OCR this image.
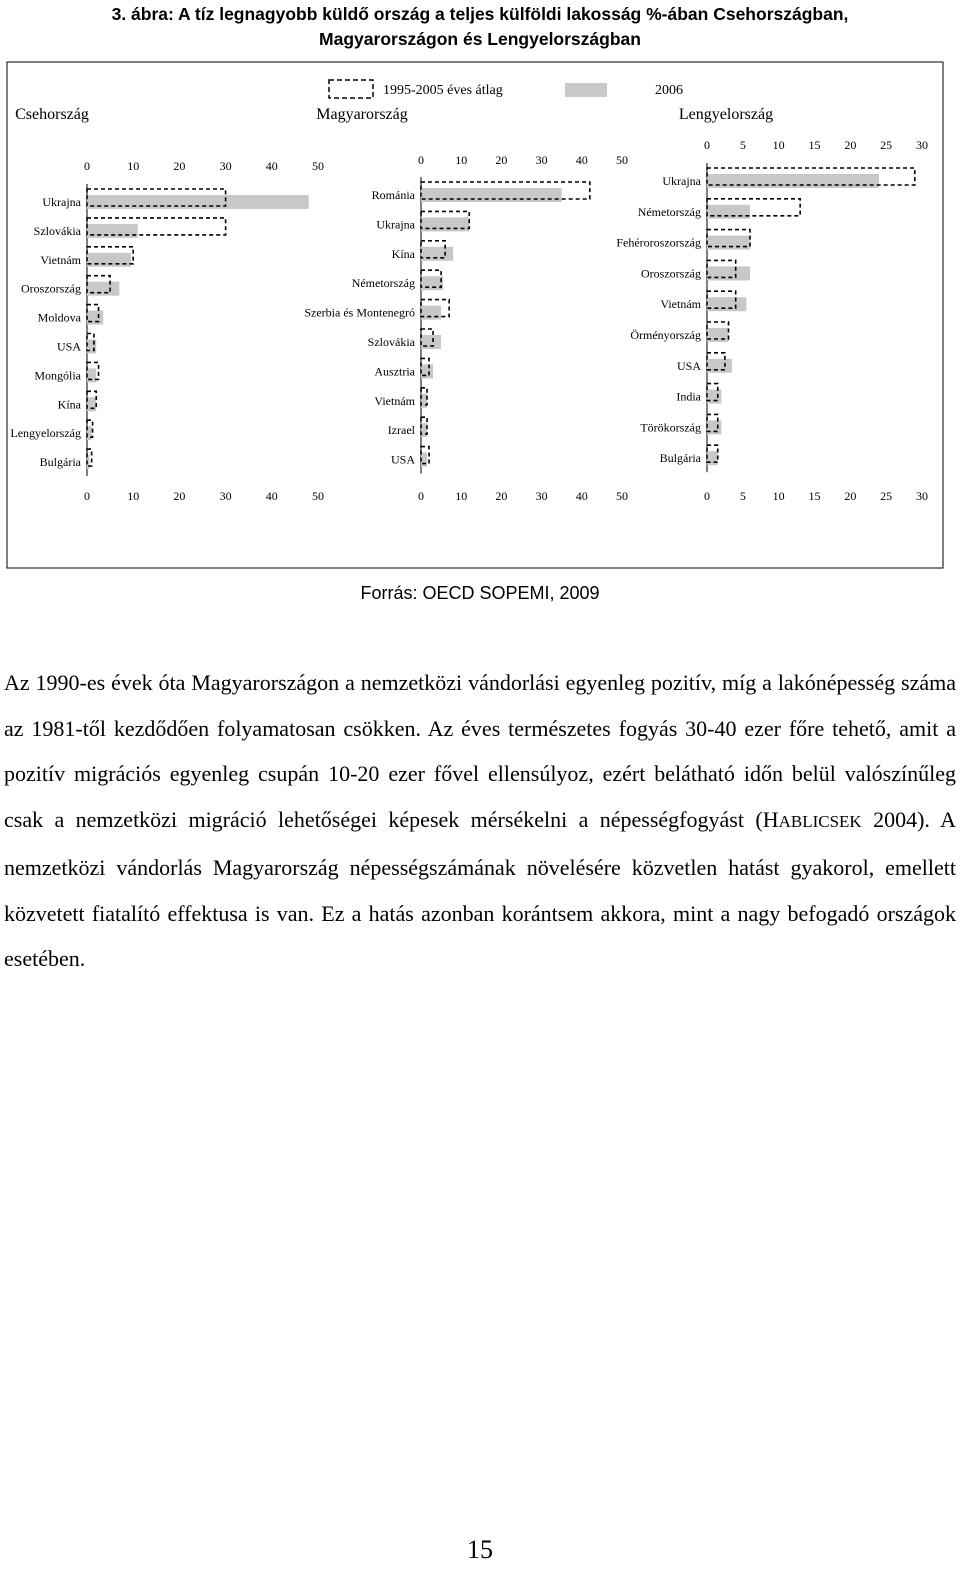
3. ábra: A tíz legnagyobb küldő ország a teljes külföldi lakosság %-ában Csehországban,
Magyarországon és Lengyelországban
1995-2005 éves átlag	2006
Csehország
0
0
10
10
20
20
30
30
40
40
50
50
Ukrajna
Szlovákia
Vietnám
Oroszország
Moldova
USA
Mongólia
Kína
Lengyelország
Bulgária
Magyarország
0
0
10
10
20
20
30
30
40
40
50
50
Románia
Ukrajna
Kína
Németország
Szerbia és Montenegró
Szlovákia
Ausztria
Vietnám
Izrael
USA
Lengyelország
0
0
5
5
10
10
15
15
20
20
25
25
30
30
Ukrajna
Németország
Fehéroroszország
Oroszország
Vietnám
Örményország
USA
India
Törökország
Bulgária
Forrás: OECD SOPEMI, 2009

Az 1990-es évek óta Magyarországon a nemzetközi vándorlási egyenleg pozitív, míg a lakónépesség száma az 1981-től kezdődően folyamatosan csökken. Az éves természetes fogyás 30-40 ezer főre tehető, amit a pozitív migrációs egyenleg csupán 10-20 ezer fővel ellensúlyoz, ezért belátható időn belül valószínűleg csak a nemzetközi migráció lehetőségei képesek mérsékelni a népességfogyást (HABLICSEK 2004). A nemzetközi vándorlás Magyarország népességszámának növelésére közvetlen hatást gyakorol, emellett közvetett fiatalító effektusa is van. Ez a hatás azonban korántsem akkora, mint a nagy befogadó országok esetében.

15
